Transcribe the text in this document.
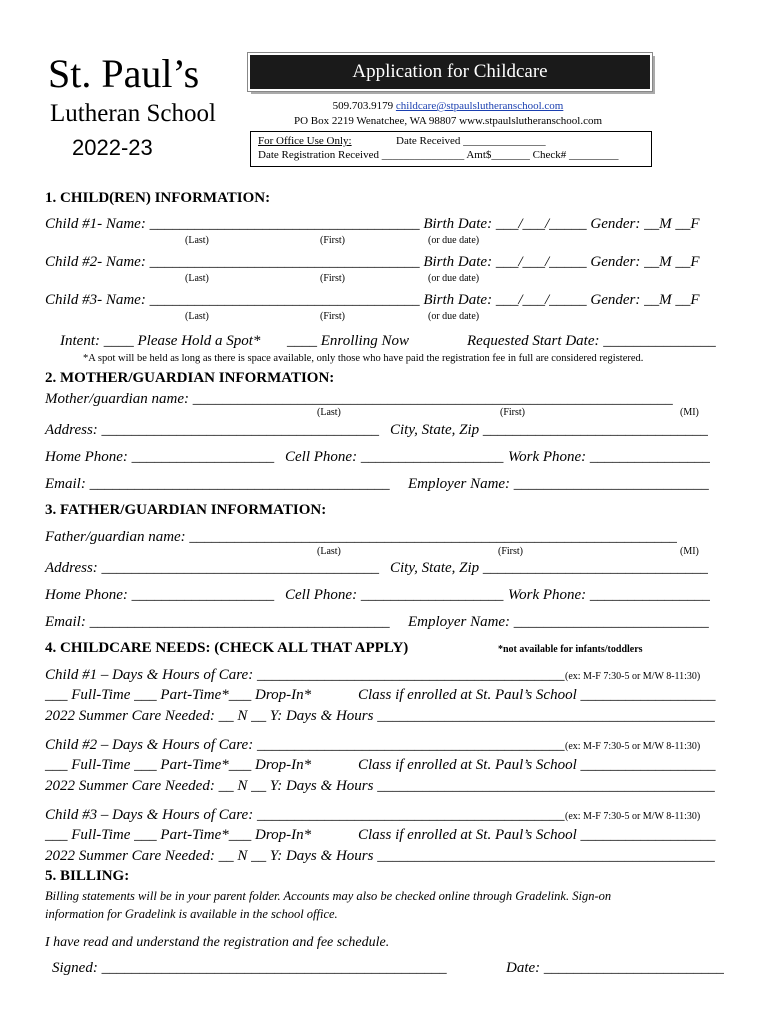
St. Paul’s
Lutheran School
2022-23
Application for Childcare
509.703.9179 childcare@stpaulslutheranschool.com
PO Box 2219 Wenatchee, WA 98807 www.stpaulslutheranschool.com
For Office Use Only:	Date Received _______________
Date Registration Received _______________ Amt$_______ Check# _________
1. CHILD(REN) INFORMATION:
Child #1- Name: ____________________________________ Birth Date: ___/___/_____ Gender: __M __F
(Last)	(First)	(or due date)
Child #2- Name: ____________________________________ Birth Date: ___/___/_____ Gender: __M __F
(Last)	(First)	(or due date)
Child #3- Name: ____________________________________ Birth Date: ___/___/_____ Gender: __M __F
(Last)	(First)	(or due date)
Intent: ____ Please Hold a Spot* ____ Enrolling Now	Requested Start Date: _______________
*A spot will be held as long as there is space available, only those who have paid the registration fee in full are considered registered.
2. MOTHER/GUARDIAN INFORMATION:
Mother/guardian name: ________________________________________________________________
(Last)	(First)	(MI)
Address: _____________________________________ City, State, Zip ______________________________
Home Phone: ___________________ Cell Phone: ___________________ Work Phone: ________________
Email: ________________________________________ Employer Name: __________________________
3. FATHER/GUARDIAN INFORMATION:
Father/guardian name: _________________________________________________________________
(Last)	(First)	(MI)
Address: _____________________________________ City, State, Zip ______________________________
Home Phone: ___________________ Cell Phone: ___________________ Work Phone: ________________
Email: ________________________________________ Employer Name: __________________________
4. CHILDCARE NEEDS: (CHECK ALL THAT APPLY)	*not available for infants/toddlers
Child #1 – Days & Hours of Care: _________________________________________ (ex: M-F 7:30-5 or M/W 8-11:30)
___ Full-Time ___ Part-Time*___ Drop-In*	Class if enrolled at St. Paul’s School __________________
2022 Summer Care Needed: __ N __ Y: Days & Hours _____________________________________________
Child #2 – Days & Hours of Care: _________________________________________ (ex: M-F 7:30-5 or M/W 8-11:30)
___ Full-Time ___ Part-Time*___ Drop-In*	Class if enrolled at St. Paul’s School __________________
2022 Summer Care Needed: __ N __ Y: Days & Hours _____________________________________________
Child #3 – Days & Hours of Care: _________________________________________ (ex: M-F 7:30-5 or M/W 8-11:30)
___ Full-Time ___ Part-Time*___ Drop-In*	Class if enrolled at St. Paul’s School __________________
2022 Summer Care Needed: __ N __ Y: Days & Hours _____________________________________________
5. BILLING:
Billing statements will be in your parent folder. Accounts may also be checked online through Gradelink. Sign-on
information for Gradelink is available in the school office.
I have read and understand the registration and fee schedule.
Signed: ______________________________________________	Date: ________________________
